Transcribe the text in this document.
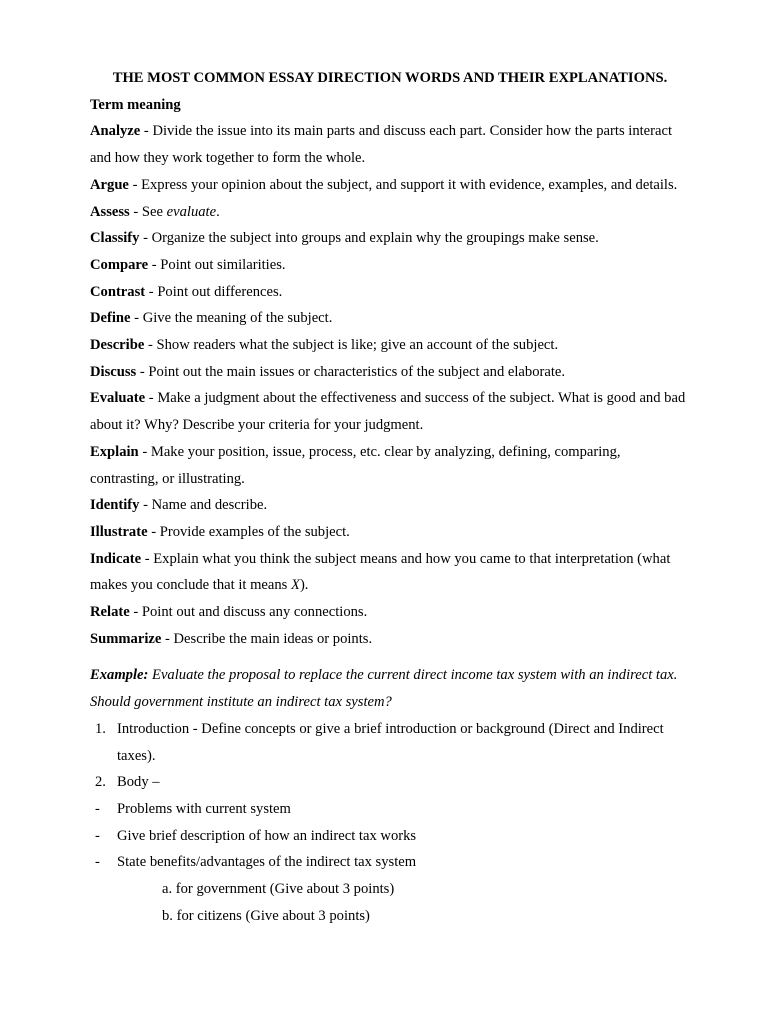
THE MOST COMMON ESSAY DIRECTION WORDS AND THEIR EXPLANATIONS.

Term meaning

Analyze - Divide the issue into its main parts and discuss each part. Consider how the parts interact and how they work together to form the whole.

Argue - Express your opinion about the subject, and support it with evidence, examples, and details.

Assess - See evaluate.

Classify - Organize the subject into groups and explain why the groupings make sense.

Compare - Point out similarities.

Contrast - Point out differences.

Define - Give the meaning of the subject.

Describe - Show readers what the subject is like; give an account of the subject.

Discuss - Point out the main issues or characteristics of the subject and elaborate.

Evaluate - Make a judgment about the effectiveness and success of the subject. What is good and bad about it? Why? Describe your criteria for your judgment.

Explain - Make your position, issue, process, etc. clear by analyzing, defining, comparing, contrasting, or illustrating.

Identify - Name and describe.

Illustrate - Provide examples of the subject.

Indicate - Explain what you think the subject means and how you came to that interpretation (what makes you conclude that it means X).

Relate - Point out and discuss any connections.

Summarize - Describe the main ideas or points.

Example: Evaluate the proposal to replace the current direct income tax system with an indirect tax. Should government institute an indirect tax system?

1. Introduction - Define concepts or give a brief introduction or background (Direct and Indirect taxes).
2. Body –
- Problems with current system
- Give brief description of how an indirect tax works
- State benefits/advantages of the indirect tax system

a. for government (Give about 3 points)

b. for citizens (Give about 3 points)
